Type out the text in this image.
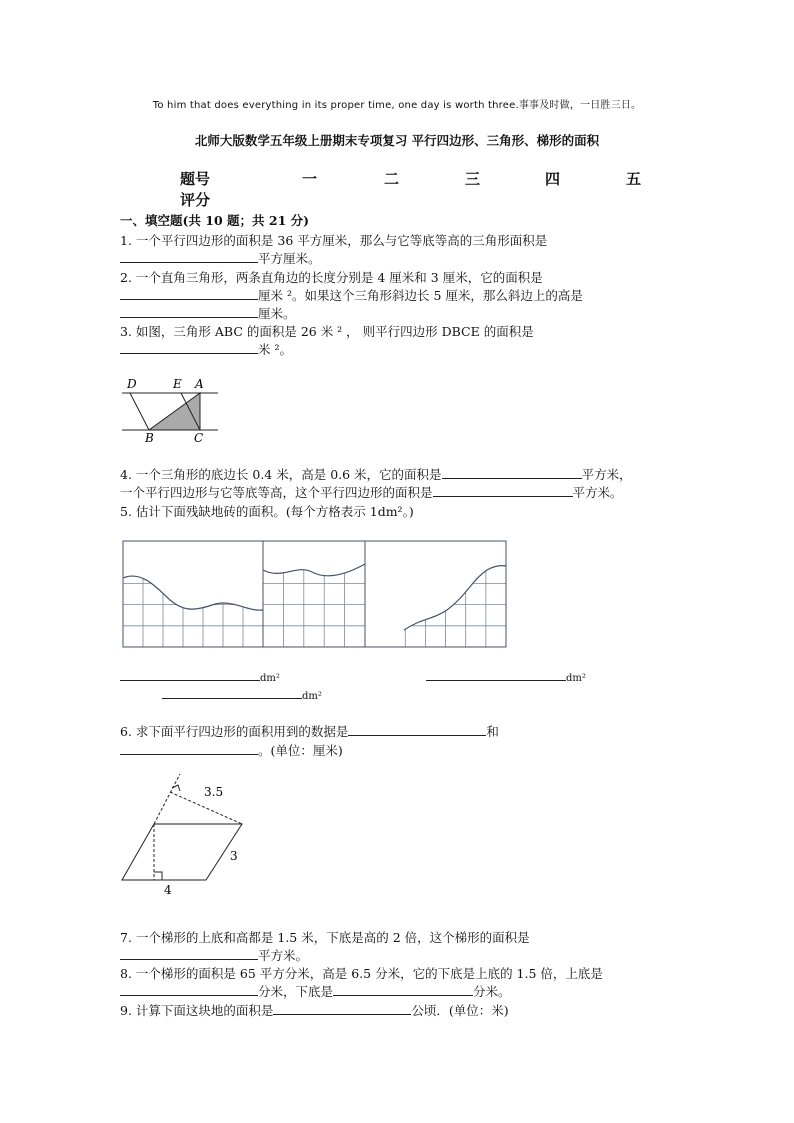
To him that does everything in its proper time, one day is worth three.事事及时做，一日胜三日。
北师大版数学五年级上册期末专项复习 平行四边形、三角形、梯形的面积
题号	一	二	三	四	五
评分
一、填空题(共 10 题；共 21 分)
1. 一个平行四边形的面积是 36 平方厘米，那么与它等底等高的三角形面积是
平方厘米。
2. 一个直角三角形，两条直角边的长度分别是 4 厘米和 3 厘米，它的面积是
厘米 ²。如果这个三角形斜边长 5 厘米，那么斜边上的高是
厘米。
3. 如图，三角形 ABC 的面积是 26 米 ² ， 则平行四边形 DBCE 的面积是
米 ²。
D	E A
B	C
4. 一个三角形的底边长 0.4 米，高是 0.6 米，它的面积是	平方米，
一个平行四边形与它等底等高，这个平行四边形的面积是	平方米。
5. 估计下面残缺地砖的面积。(每个方格表示 1dm²。)
dm²	dm²
dm²
6. 求下面平行四边形的面积用到的数据是	和
。(单位：厘米)
3.5
3
4
7. 一个梯形的上底和高都是 1.5 米，下底是高的 2 倍，这个梯形的面积是
平方米。
8. 一个梯形的面积是 65 平方分米，高是 6.5 分米，它的下底是上底的 1.5 倍，上底是
分米，下底是	分米。
9. 计算下面这块地的面积是	公顷．(单位：米)
